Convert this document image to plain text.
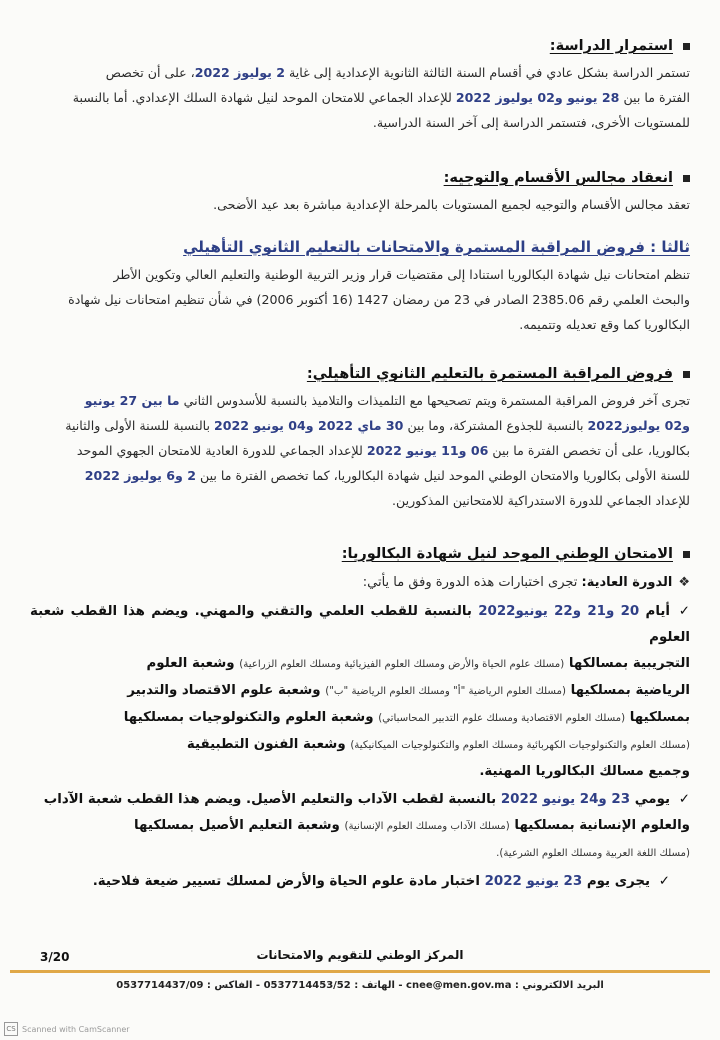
استمرار الدراسة:
تستمر الدراسة بشكل عادي في أقسام السنة الثالثة الثانوية الإعدادية إلى غاية 2 يوليوز 2022، على أن تخصص
الفترة ما بين 28 يونيو و02 يوليوز 2022 للإعداد الجماعي للامتحان الموحد لنيل شهادة السلك الإعدادي. أما بالنسبة
للمستويات الأخرى، فتستمر الدراسة إلى آخر السنة الدراسية.
انعقاد مجالس الأقسام والتوجيه:
تعقد مجالس الأقسام والتوجيه لجميع المستويات بالمرحلة الإعدادية مباشرة بعد عيد الأضحى.
ثالثا : فروض المراقبة المستمرة والامتحانات بالتعليم الثانوي التأهيلي
تنظم امتحانات نيل شهادة البكالوريا استنادا إلى مقتضيات قرار وزير التربية الوطنية والتعليم العالي وتكوين الأطر
والبحث العلمي رقم 2385.06 الصادر في 23 من رمضان 1427 (16 أكتوبر 2006) في شأن تنظيم امتحانات نيل شهادة
البكالوريا كما وقع تعديله وتتميمه.
فروض المراقبة المستمرة بالتعليم الثانوي التأهيلي:
تجرى آخر فروض المراقبة المستمرة ويتم تصحيحها مع التلميذات والتلاميذ بالنسبة للأسدوس الثاني ما بين 27 يونيو
و02 يوليوز2022 بالنسبة للجذوع المشتركة، وما بين 30 ماي 2022 و04 يونيو 2022 بالنسبة للسنة الأولى والثانية
بكالوريا، على أن تخصص الفترة ما بين 06 و11 يونيو 2022 للإعداد الجماعي للدورة العادية للامتحان الجهوي الموحد
للسنة الأولى بكالوريا والامتحان الوطني الموحد لنيل شهادة البكالوريا، كما تخصص الفترة ما بين 2 و6 يوليوز 2022
للإعداد الجماعي للدورة الاستدراكية للامتحانين المذكورين.
الامتحان الوطني الموحد لنيل شهادة البكالوريا:
❖الدورة العادية: تجرى اختبارات هذه الدورة وفق ما يأتي:
✓أيام 20 و21 و22 يونيو2022 بالنسبة للقطب العلمي والتقني والمهني. ويضم هذا القطب شعبة العلوم
التجريبية بمسالكها (مسلك علوم الحياة والأرض ومسلك العلوم الفيزيائية ومسلك العلوم الزراعية) وشعبة العلوم
الرياضية بمسلكيها (مسلك العلوم الرياضية "أ" ومسلك العلوم الرياضية "ب") وشعبة علوم الاقتصاد والتدبير
بمسلكيها (مسلك العلوم الاقتصادية ومسلك علوم التدبير المحاسباتي) وشعبة العلوم والتكنولوجيات بمسلكيها
(مسلك العلوم والتكنولوجيات الكهربائية ومسلك العلوم والتكنولوجيات الميكانيكية) وشعبة الفنون التطبيقية
وجميع مسالك البكالوريا المهنية.
✓يومي 23 و24 يونيو 2022 بالنسبة لقطب الآداب والتعليم الأصيل. ويضم هذا القطب شعبة الآداب
والعلوم الإنسانية بمسلكيها (مسلك الآداب ومسلك العلوم الإنسانية) وشعبة التعليم الأصيل بمسلكيها
(مسلك اللغة العربية ومسلك العلوم الشرعية).
✓يجرى يوم 23 يونيو 2022 اختبار مادة علوم الحياة والأرض لمسلك تسيير ضيعة فلاحية.
المركز الوطني للتقويم والامتحانات
3/20
البريد الالكتروني : cnee@men.gov.ma - الهاتف : 0537714453/52 - الفاكس : 0537714437/09
CS Scanned with CamScanner
